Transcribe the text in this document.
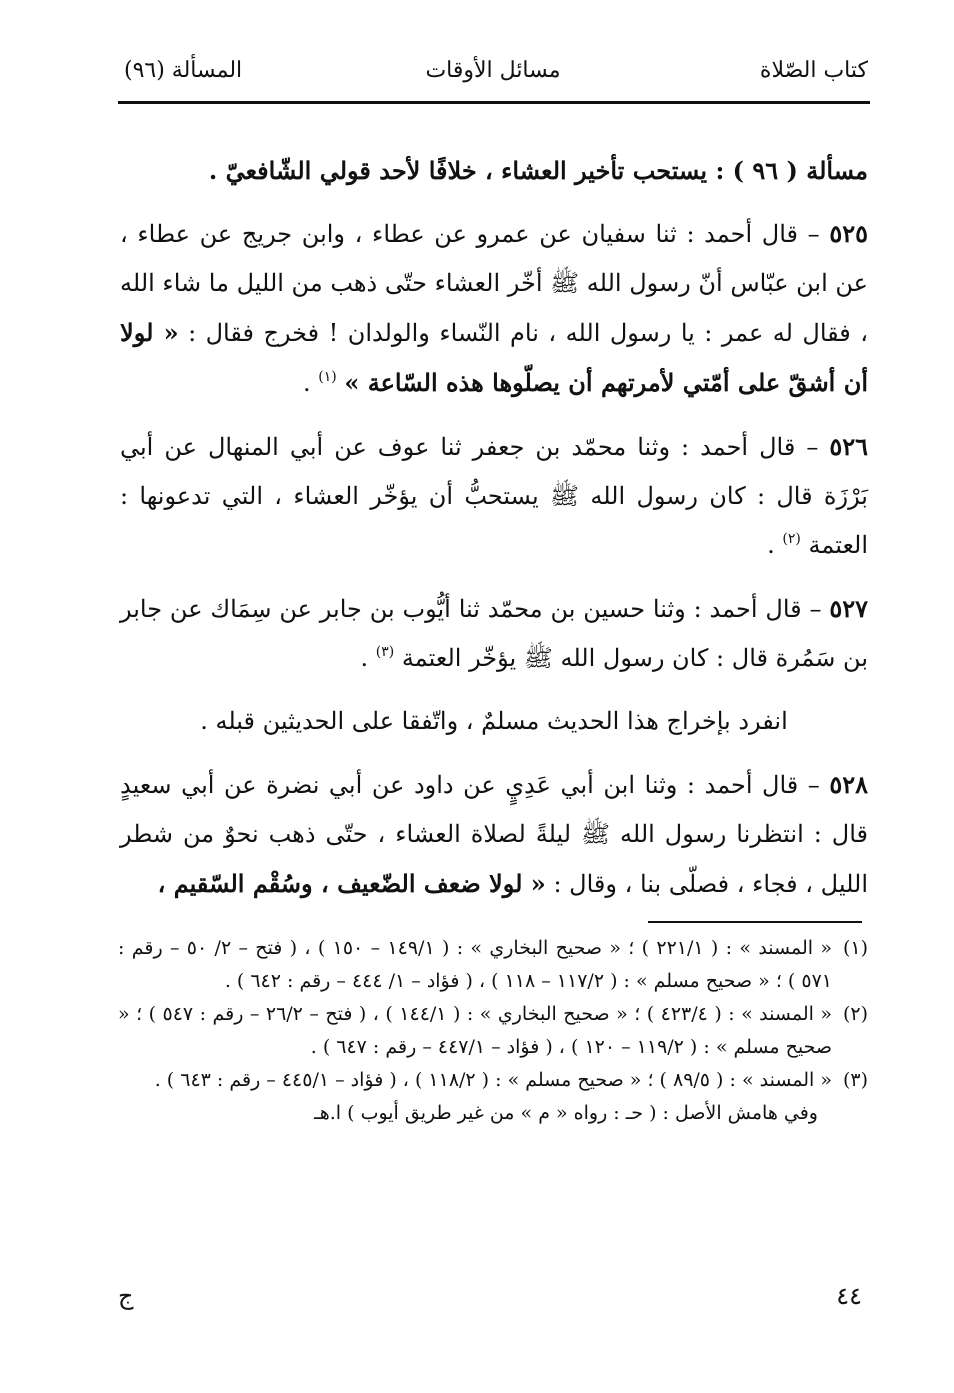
كتاب الصّلاة
مسائل الأوقات
المسألة (٩٦)

مسألة ( ٩٦ ) : يستحب تأخير العشاء ، خلافًا لأحد قولي الشّافعيّ .

٥٢٥ – قال أحمد : ثنا سفيان عن عمرو عن عطاء ، وابن جريج عن عطاء ، عن ابن عبّاس أنّ رسول الله ﷺ أخّر العشاء حتّى ذهب من الليل ما شاء الله ، فقال له عمر : يا رسول الله ، نام النّساء والولدان ! فخرج فقال : « لولا أن أشقّ على أمّتي لأمرتهم أن يصلّوها هذه السّاعة » $^{(١)}$ .

٥٢٦ – قال أحمد : وثنا محمّد بن جعفر ثنا عوف عن أبي المنهال عن أبي بَرْزَة قال : كان رسول الله ﷺ يستحبُّ أن يؤخّر العشاء ، التي تدعونها : العتمة $^{(٢)}$ .

٥٢٧ – قال أحمد : وثنا حسين بن محمّد ثنا أيُّوب بن جابر عن سِمَاك عن جابر بن سَمُرة قال : كان رسول الله ﷺ يؤخّر العتمة $^{(٣)}$ .

انفرد بإخراج هذا الحديث مسلمٌ ، واتّفقا على الحديثين قبله .

٥٢٨ – قال أحمد : وثنا ابن أبي عَدِيٍ عن داود عن أبي نضرة عن أبي سعيدٍ قال : انتظرنا رسول الله ﷺ ليلةً لصلاة العشاء ، حتّى ذهب نحوٌ من شطر الليل ، فجاء ، فصلّى بنا ، وقال : « لولا ضعف الضّعيف ، وسُقْم السّقيم ،

(١)
« المسند » : ( ٢٢١/١ ) ؛ « صحيح البخاري » : ( ١٤٩/١ – ١٥٠ ) ، ( فتح – ٢/ ٥٠ – رقم : ٥٧١ ) ؛ « صحيح مسلم » : ( ١١٧/٢ – ١١٨ ) ، ( فؤاد – ١/ ٤٤٤ – رقم : ٦٤٢ ) .

(٢)
« المسند » : ( ٤٢٣/٤ ) ؛ « صحيح البخاري » : ( ١٤٤/١ ) ، ( فتح – ٢٦/٢ – رقم : ٥٤٧ ) ؛ « صحيح مسلم » : ( ١١٩/٢ – ١٢٠ ) ، ( فؤاد – ٤٤٧/١ – رقم : ٦٤٧ ) .

(٣)
« المسند » : ( ٨٩/٥ ) ؛ « صحيح مسلم » : ( ١١٨/٢ ) ، ( فؤاد – ٤٤٥/١ – رقم : ٦٤٣ ) .

وفي هامش الأصل : ( حـ : رواه « م » من غير طريق أيوب ) ا.هـ

٤٤
ج
